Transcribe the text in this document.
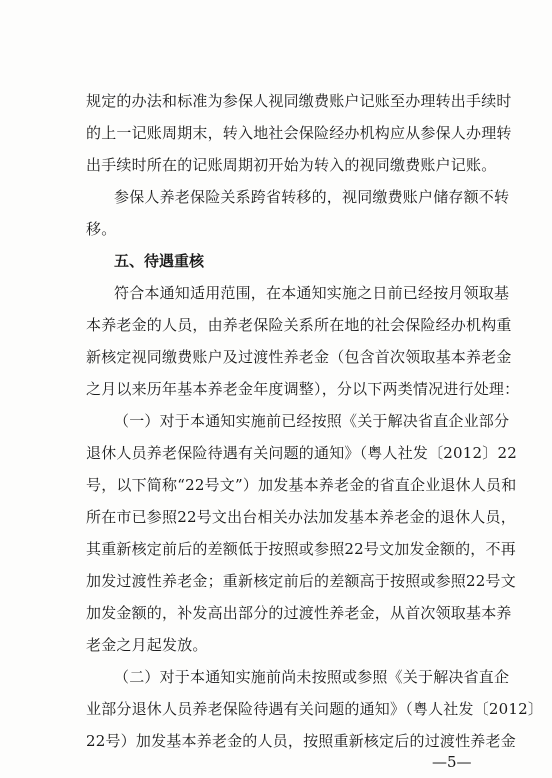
规定的办法和标准为参保人视同缴费账户记账至办理转出手续时
的上一记账周期末，转入地社会保险经办机构应从参保人办理转
出手续时所在的记账周期初开始为转入的视同缴费账户记账。
参保人养老保险关系跨省转移的，视同缴费账户储存额不转
移。
五、待遇重核
符合本通知适用范围，在本通知实施之日前已经按月领取基
本养老金的人员，由养老保险关系所在地的社会保险经办机构重
新核定视同缴费账户及过渡性养老金（包含首次领取基本养老金
之月以来历年基本养老金年度调整），分以下两类情况进行处理：
（一）对于本通知实施前已经按照《关于解决省直企业部分
退休人员养老保险待遇有关问题的通知》（粤人社发〔2012〕22
号，以下简称“22号文”）加发基本养老金的省直企业退休人员和
所在市已参照22号文出台相关办法加发基本养老金的退休人员，
其重新核定前后的差额低于按照或参照22号文加发金额的，不再
加发过渡性养老金；重新核定前后的差额高于按照或参照22号文
加发金额的，补发高出部分的过渡性养老金，从首次领取基本养
老金之月起发放。
（二）对于本通知实施前尚未按照或参照《关于解决省直企
业部分退休人员养老保险待遇有关问题的通知》（粤人社发〔2012〕
22号）加发基本养老金的人员，按照重新核定后的过渡性养老金
—5—
